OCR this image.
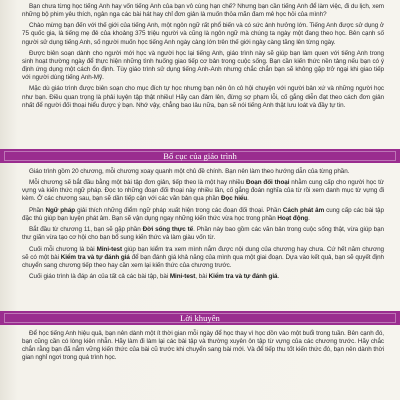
Bạn chưa từng học tiếng Anh hay vốn tiếng Anh của bạn vô cùng hạn chế? Nhưng bạn cần tiếng Anh để làm việc, đi du lịch, xem những bộ phim yêu thích, ngân nga các bài hát hay chỉ đơn giản là muốn thỏa mãn đam mê học hỏi của mình?

Chào mừng bạn đến với thế giới của tiếng Anh, một ngôn ngữ rất phổ biến và có sức ảnh hưởng lớn. Tiếng Anh được sử dụng ở 75 quốc gia, là tiếng mẹ đẻ của khoảng 375 triệu người và cũng là ngôn ngữ mà chúng ta ngày một đang theo học. Bên cạnh số người sử dụng tiếng Anh, số người muốn học tiếng Anh ngày càng lớn trên thế giới ngày càng tăng lên từng ngày.

Được biên soạn dành cho người mới học và người học lại tiếng Anh, giáo trình này sẽ giúp bạn làm quen với tiếng Anh trong sinh hoạt thường ngày để thực hiện những tình huống giao tiếp cơ bản trong cuộc sống. Bạn cần kiến thức nền tảng nếu bạn có ý định ứng dụng một cách ổn định. Tùy giáo trình sử dụng tiếng Anh-Anh nhưng chắc chắn bạn sẽ không gặp trở ngại khi giao tiếp với người dùng tiếng Anh-Mỹ.

Mặc dù giáo trình được biên soạn cho mục đích tự học nhưng bạn nên ôn cô hội chuyện với người bản xứ và những người học như bạn. Điều quan trọng là phải luyện tập thật nhiều! Hãy can đảm lên, đừng sợ phạm lỗi, cố gắng diễn đạt theo cách đơn giản nhất để người đối thoại hiểu được ý bạn. Nhớ vậy, chẳng bao lâu nữa, bạn sẽ nói tiếng Anh thật lưu loát và đầy tự tin.

Bố cục của giáo trình

Giáo trình gồm 20 chương, mỗi chương xoay quanh một chủ đề chính. Bạn nên làm theo hướng dẫn của từng phần.

Mỗi chương sẽ bắt đầu bằng một bài tập đơn giản, tiếp theo là một hay nhiều Đoạn đối thoại nhằm cung cấp cho người học từ vựng và kiến thức ngữ pháp. Đọc to những đoạn đối thoại này nhiều lần, cố gắng đoán nghĩa của từ rồi xem danh mục từ vựng đi kèm. Ở các chương sau, bạn sẽ dần tiếp cận với các văn bản qua phần Đọc hiểu.

Phần Ngữ pháp giải thích những điểm ngữ pháp xuất hiện trong các đoạn đối thoại. Phần Cách phát âm cung cấp các bài tập đặc thù giúp bạn luyện phát âm. Bạn sẽ vận dụng ngay những kiến thức vừa học trong phần Hoạt động.

Bắt đầu từ chương 11, bạn sẽ gặp phần Đời sống thực tế. Phần này bao gồm các văn bản trong cuộc sống thật, vừa giúp bạn thư giãn vừa tạo cơ hội cho bạn bổ sung kiến thức và làm giàu vốn từ.

Cuối mỗi chương là bài Mini-test giúp bạn kiểm tra xem mình nắm được nội dung của chương hay chưa. Cứ hết năm chương sẽ có một bài Kiểm tra và tự đánh giá để bạn đánh giá khả năng của mình qua một giai đoạn. Dựa vào kết quả, bạn sẽ quyết định chuyển sang chương tiếp theo hay cần xem lại kiến thức của chương trước.

Cuối giáo trình là đáp án của tất cả các bài tập, bài Mini-test, bài Kiểm tra và tự đánh giá.

Lời khuyên

Để học tiếng Anh hiệu quả, bạn nên dành một ít thời gian mỗi ngày để học thay vì học dồn vào một buổi trong tuần. Bên cạnh đó, bạn cũng cần có lòng kiên nhẫn. Hãy làm đi làm lại các bài tập và thường xuyên ôn tập từ vựng của các chương trước. Hãy chắc chắn rằng bạn đã nắm vững kiến thức của bài cũ trước khi chuyển sang bài mới. Và để tiếp thu tốt kiến thức đó, bạn nên dành thời gian nghỉ ngơi trong quá trình học.
